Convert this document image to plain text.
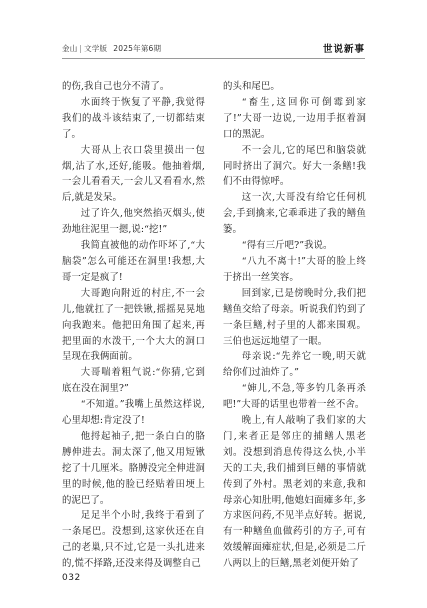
金山 | 文学版 2025年第6期	世说新事

的伤,我自己也分不清了。

水面终于恢复了平静,我觉得我们的战斗该结束了,一切都结束了。

大哥从上衣口袋里摸出一包烟,沾了水,还好,能吸。他抽着烟,一会儿看看天,一会儿又看看水,然后,就是发呆。

过了许久,他突然掐灭烟头,使劲地往泥里一摁,说:“挖!”

我简直被他的动作吓坏了,“大脑袋”怎么可能还在洞里!我想,大哥一定是疯了!

大哥跑向附近的村庄,不一会儿,他就扛了一把铁锹,摇摇晃晃地向我跑来。他把田角围了起来,再把里面的水泼干,一个大大的洞口呈现在我俩面前。

大哥喘着粗气说:“你猜,它到底在没在洞里?”

“不知道。”我嘴上虽然这样说,心里却想:肯定没了!

他捋起袖子,把一条白白的胳膊伸进去。洞太深了,他又用短锹挖了十几厘米。胳膊没完全伸进洞里的时候,他的脸已经贴着田埂上的泥巴了。

足足半个小时,我终于看到了一条尾巴。没想到,这家伙还在自己的老巢,只不过,它是一头扎进来的,慌不择路,还没来得及调整自己

的头和尾巴。

“畜生,这回你可倒霉到家了!”大哥一边说,一边用手抠着洞口的黑泥。

不一会儿,它的尾巴和脑袋就同时挤出了洞穴。好大一条鳝!我们不由得惊呼。

这一次,大哥没有给它任何机会,手到擒来,它乖乖进了我的鳝鱼篓。

“得有三斤吧?”我说。

“八九不离十!”大哥的脸上终于挤出一丝笑容。

回到家,已是傍晚时分,我们把鳝鱼交给了母亲。听说我们钓到了一条巨鳝,村子里的人都来围观。三伯也远远地望了一眼。

母亲说:“先养它一晚,明天就给你们过油炸了。”

“婶儿,不急,等多钓几条再杀吧!”大哥的话里也带着一丝不舍。

晚上,有人敲响了我们家的大门,来者正是邻庄的捕鳝人黑老刘。没想到消息传得这么快,小半天的工夫,我们捕到巨鳝的事情就传到了外村。黑老刘的来意,我和母亲心知肚明,他媳妇面瘫多年,多方求医问药,不见半点好转。据说,有一种鳝鱼血做药引的方子,可有效缓解面瘫症状,但是,必须是二斤八两以上的巨鳝,黑老刘便开始了

032
